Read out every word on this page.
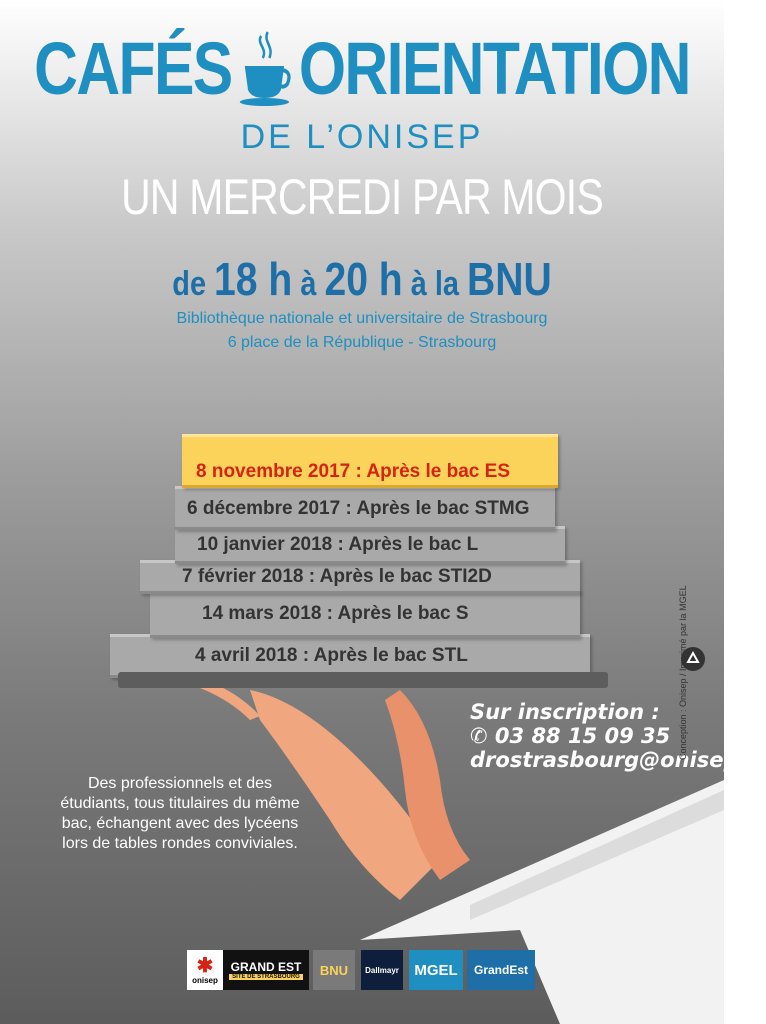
CAFÉS ORIENTATION
DE L’ONISEP
UN MERCREDI PAR MOIS
de 18 h à 20 h à la BNU
Bibliothèque nationale et universitaire de Strasbourg
6 place de la République - Strasbourg
4 avril 2018 : Après le bac STL
14 mars 2018 : Après le bac S
7 février 2018 : Après le bac STI2D
10 janvier 2018 : Après le bac L
6 décembre 2017 : Après le bac STMG
8 novembre 2017 : Après le bac ES
Sur inscription :
✆ 03 88 15 09 35
drostrasbourg@onisep.fr
Des professionnels et des étudiants, tous titulaires du même bac, échangent avec des lycéens lors de tables rondes conviviales.
Conception : Onisep / Imprimé par la MGEL
✱
onisep
GRAND EST
SITE DE STRASBOURG BNU Dallmayr MGEL GrandEst
